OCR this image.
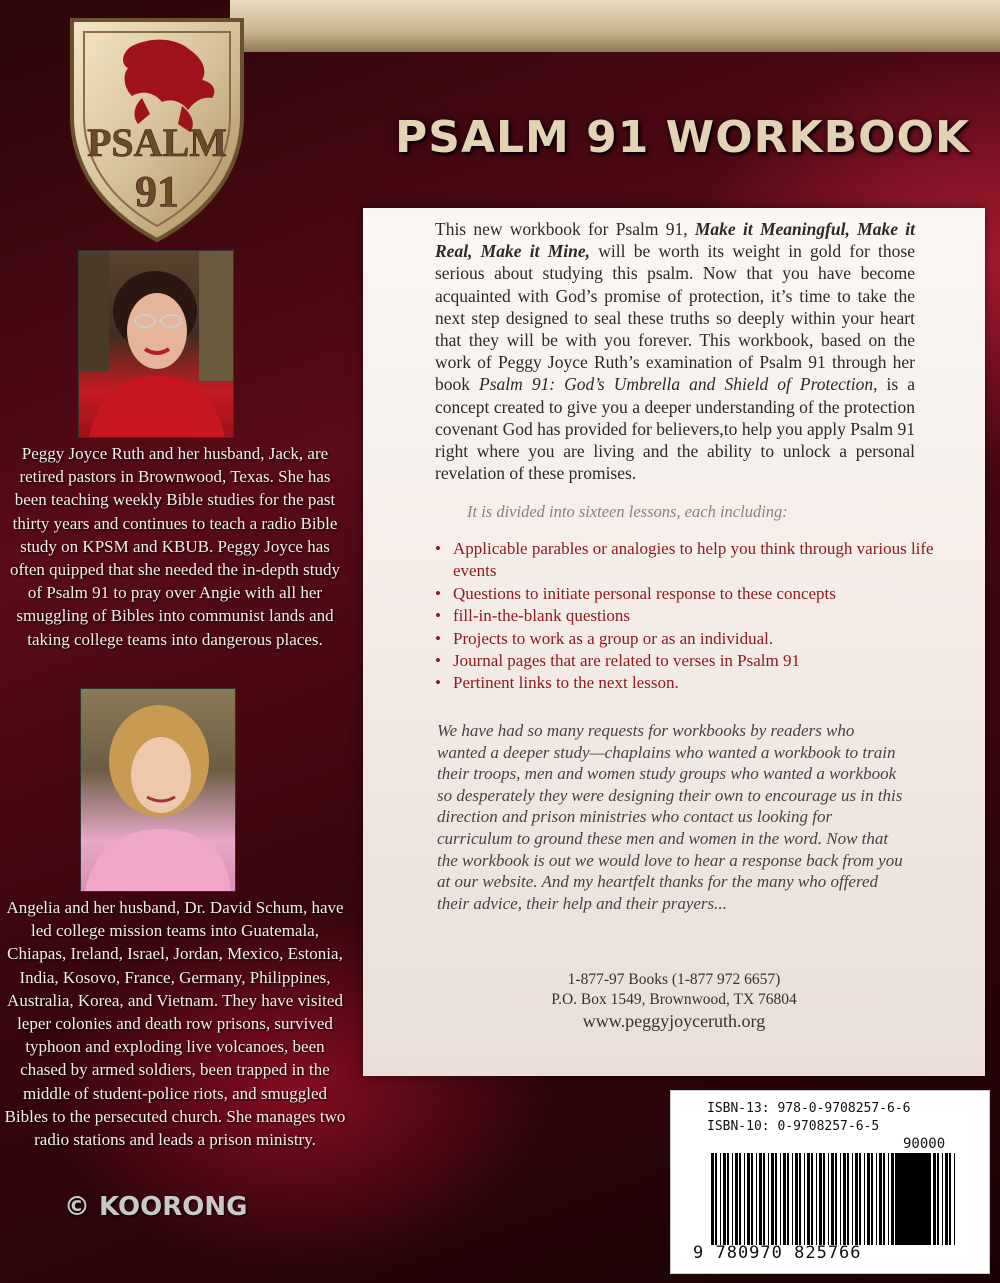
PSALM
91
PSALM 91 WORKBOOK

Peggy Joyce Ruth and her husband, Jack, are retired pastors in Brownwood, Texas. She has been teaching weekly Bible studies for the past thirty years and continues to teach a radio Bible study on KPSM and KBUB. Peggy Joyce has often quipped that she needed the in-depth study of Psalm 91 to pray over Angie with all her smuggling of Bibles into communist lands and taking college teams into dangerous places.

Angelia and her husband, Dr. David Schum, have led college mission teams into Guatemala, Chiapas, Ireland, Israel, Jordan, Mexico, Estonia, India, Kosovo, France, Germany, Philippines, Australia, Korea, and Vietnam. They have visited leper colonies and death row prisons, survived typhoon and exploding live volcanoes, been chased by armed soldiers, been trapped in the middle of student-police riots, and smuggled Bibles to the persecuted church. She manages two radio stations and leads a prison ministry.

This new workbook for Psalm 91, Make it Meaningful, Make it Real, Make it Mine, will be worth its weight in gold for those serious about studying this psalm. Now that you have become acquainted with God’s promise of protection, it’s time to take the next step designed to seal these truths so deeply within your heart that they will be with you forever. This workbook, based on the work of Peggy Joyce Ruth’s examination of Psalm 91 through her book Psalm 91: God’s Umbrella and Shield of Protection, is a concept created to give you a deeper understanding of the protection covenant God has provided for believers,to help you apply Psalm 91 right where you are living and the ability to unlock a personal revelation of these promises.

It is divided into sixteen lessons, each including:

• Applicable parables or analogies to help you think through various life events
• Questions to initiate personal response to these concepts
• fill-in-the-blank questions
• Projects to work as a group or as an individual.
• Journal pages that are related to verses in Psalm 91
• Pertinent links to the next lesson.

We have had so many requests for workbooks by readers who wanted a deeper study—chaplains who wanted a workbook to train their troops, men and women study groups who wanted a workbook so desperately they were designing their own to encourage us in this direction and prison ministries who contact us looking for curriculum to ground these men and women in the word. Now that the workbook is out we would love to hear a response back from you at our website. And my heartfelt thanks for the many who offered their advice, their help and their prayers...

1-877-97 Books (1-877 972 6657)

P.O. Box 1549, Brownwood, TX 76804

www.peggyjoyceruth.org

ISBN-13: 978-0-9708257-6-6

ISBN-10: 0-9708257-6-5

90000

9 780970 825766

© KOORONG
